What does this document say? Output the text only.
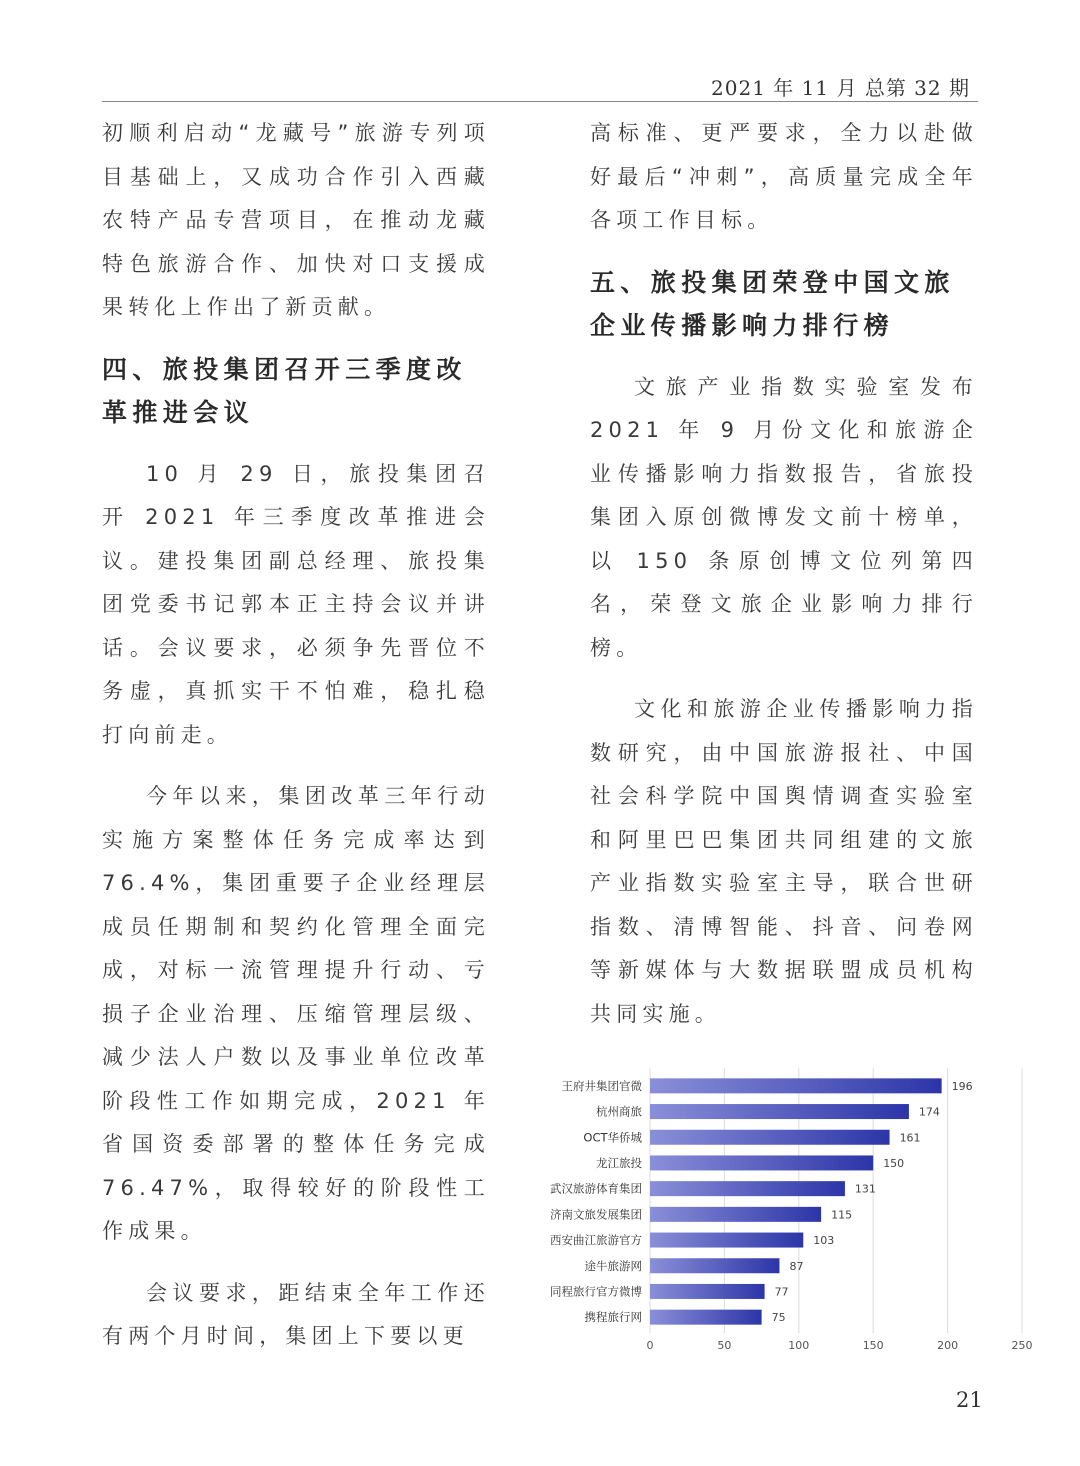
2021 年 11 月 总第 32 期

初顺利启动“龙藏号”旅游专列项目基础上，又成功合作引入西藏农特产品专营项目，在推动龙藏特色旅游合作、加快对口支援成果转化上作出了新贡献。

四、旅投集团召开三季度改革推进会议

10 月 29 日，旅投集团召开 2021 年三季度改革推进会议。建投集团副总经理、旅投集团党委书记郭本正主持会议并讲话。会议要求，必须争先晋位不务虚，真抓实干不怕难，稳扎稳打向前走。

今年以来，集团改革三年行动实施方案整体任务完成率达到 76.4%，集团重要子企业经理层成员任期制和契约化管理全面完成，对标一流管理提升行动、亏损子企业治理、压缩管理层级、减少法人户数以及事业单位改革阶段性工作如期完成，2021 年省国资委部署的整体任务完成 76.47%，取得较好的阶段性工作成果。

会议要求，距结束全年工作还有两个月时间，集团上下要以更

高标准、更严要求，全力以赴做好最后“冲刺”，高质量完成全年各项工作目标。

五、旅投集团荣登中国文旅企业传播影响力排行榜

文旅产业指数实验室发布 2021 年 9 月份文化和旅游企业传播影响力指数报告，省旅投集团入原创微博发文前十榜单，以 150 条原创博文位列第四名，荣登文旅企业影响力排行榜。

文化和旅游企业传播影响力指数研究，由中国旅游报社、中国社会科学院中国舆情调查实验室和阿里巴巴集团共同组建的文旅产业指数实验室主导，联合世研指数、清博智能、抖音、问卷网等新媒体与大数据联盟成员机构共同实施。

0	50	100	150	200	250
王府井集团官微	196
杭州商旅	174
OCT华侨城	161
龙江旅投	150
武汉旅游体育集团	131
济南文旅发展集团	115
西安曲江旅游官方	103
途牛旅游网	87
同程旅行官方微博	77
携程旅行网	75
21
